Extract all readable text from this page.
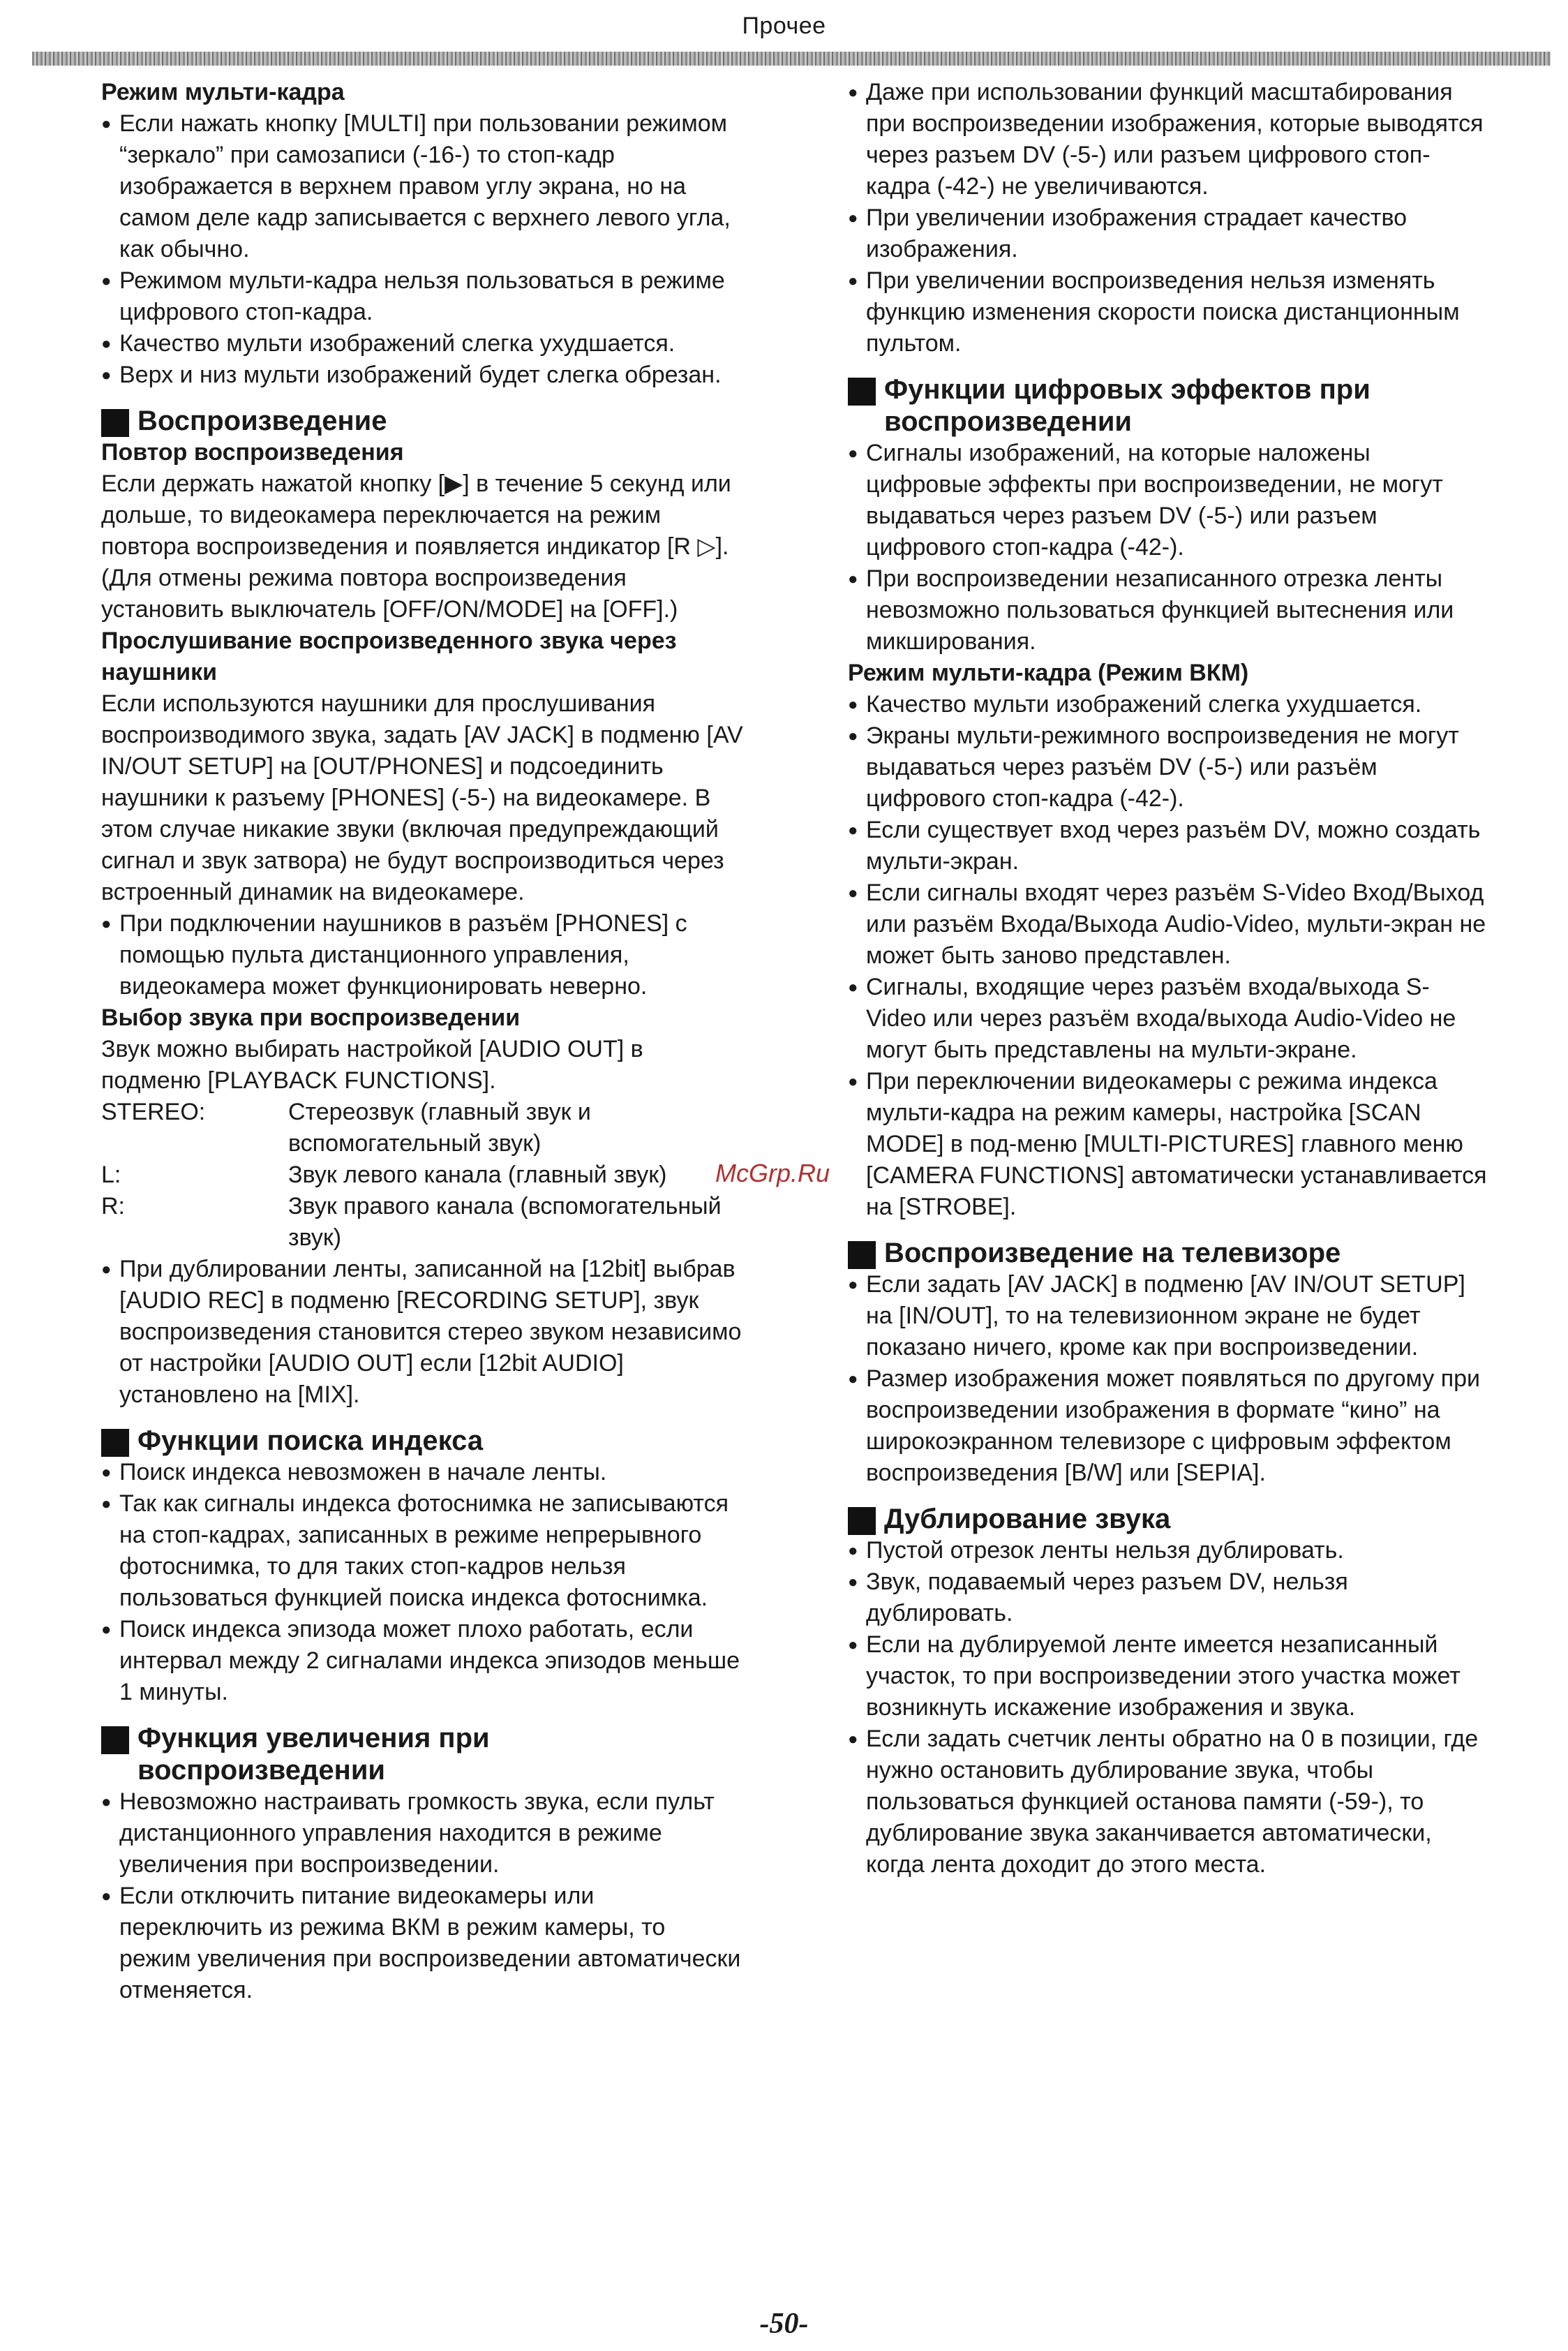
Прочее

Режим мульти-кадра

● Если нажать кнопку [MULTI] при пользовании режимом “зеркало” при самозаписи (-16-) то стоп-кадр изображается в верхнем правом углу экрана, но на самом деле кадр записывается с верхнего левого угла, как обычно.

● Режимом мульти-кадра нельзя пользоваться в режиме цифрового стоп-кадра.

● Качество мульти изображений слегка ухудшается.

● Верх и низ мульти изображений будет слегка обрезан.

Воспроизведение

Повтор воспроизведения

Если держать нажатой кнопку [▶] в течение 5 секунд или дольше, то видеокамера переключается на режим повтора воспроизведения и появляется индикатор [R ▷]. (Для отмены режима повтора воспроизведения установить выключатель [OFF/ON/MODE] на [OFF].)

Прослушивание воспроизведенного звука через наушники

Если используются наушники для прослушивания воспроизводимого звука, задать [AV JACK] в подменю [AV IN/OUT SETUP] на [OUT/PHONES] и подсоединить наушники к разъему [PHONES] (-5-) на видеокамере. В этом случае никакие звуки (включая предупреждающий сигнал и звук затвора) не будут воспроизводиться через встроенный динамик на видеокамере.

● При подключении наушников в разъём [PHONES] с помощью пульта дистанционного управления, видеокамера может функционировать неверно.

Выбор звука при воспроизведении

Звук можно выбирать настройкой [AUDIO OUT] в подменю [PLAYBACK FUNCTIONS].

STEREO:	Стереозвук (главный звук и вспомогательный звук)
L:	Звук левого канала (главный звук)
R:	Звук правого канала (вспомогательный звук)

● При дублировании ленты, записанной на [12bit] выбрав [AUDIO REC] в подменю [RECORDING SETUP], звук воспроизведения становится стерео звуком независимо от настройки [AUDIO OUT] если [12bit AUDIO] установлено на [MIX].

Функции поиска индекса

● Поиск индекса невозможен в начале ленты.

● Так как сигналы индекса фотоснимка не записываются на стоп-кадрах, записанных в режиме непрерывного фотоснимка, то для таких стоп-кадров нельзя пользоваться функцией поиска индекса фотоснимка.

● Поиск индекса эпизода может плохо работать, если интервал между 2 сигналами индекса эпизодов меньше 1 минуты.

Функция увеличения при воспроизведении

● Невозможно настраивать громкость звука, если пульт дистанционного управления находится в режиме увеличения при воспроизведении.

● Если отключить питание видеокамеры или переключить из режима ВКМ в режим камеры, то режим увеличения при воспроизведении автоматически отменяется.

● Даже при использовании функций масштабирования при воспроизведении изображения, которые выводятся через разъем DV (-5-) или разъем цифрового стоп-кадра (-42-) не увеличиваются.

● При увеличении изображения страдает качество изображения.

● При увеличении воспроизведения нельзя изменять функцию изменения скорости поиска дистанционным пультом.

Функции цифровых эффектов при воспроизведении

● Сигналы изображений, на которые наложены цифровые эффекты при воспроизведении, не могут выдаваться через разъем DV (-5-) или разъем цифрового стоп-кадра (-42-).

● При воспроизведении незаписанного отрезка ленты невозможно пользоваться функцией вытеснения или микширования.

Режим мульти-кадра (Режим ВКМ)

● Качество мульти изображений слегка ухудшается.

● Экраны мульти-режимного воспроизведения не могут выдаваться через разъём DV (-5-) или разъём цифрового стоп-кадра (-42-).

● Если существует вход через разъём DV, можно создать мульти-экран.

● Если сигналы входят через разъём S-Video Вход/Выход или разъём Входа/Выхода Audio-Video, мульти-экран не может быть заново представлен.

● Сигналы, входящие через разъём входа/выхода S-Video или через разъём входа/выхода Audio-Video не могут быть представлены на мульти-экране.

● При переключении видеокамеры с режима индекса мульти-кадра на режим камеры, настройка [SCAN MODE] в под-меню [MULTI-PICTURES] главного меню [CAMERA FUNCTIONS] автоматически устанавливается на [STROBE].

Воспроизведение на телевизоре

● Если задать [AV JACK] в подменю [AV IN/OUT SETUP] на [IN/OUT], то на телевизионном экране не будет показано ничего, кроме как при воспроизведении.

● Размер изображения может появляться по другому при воспроизведении изображения в формате “кино” на широкоэкранном телевизоре с цифровым эффектом воспроизведения [B/W] или [SEPIA].

Дублирование звука

● Пустой отрезок ленты нельзя дублировать.

● Звук, подаваемый через разъем DV, нельзя дублировать.

● Если на дублируемой ленте имеется незаписанный участок, то при воспроизведении этого участка может возникнуть искажение изображения и звука.

● Если задать счетчик ленты обратно на 0 в позиции, где нужно остановить дублирование звука, чтобы пользоваться функцией останова памяти (-59-), то дублирование звука заканчивается автоматически, когда лента доходит до этого места.

McGrp.Ru
-50-
